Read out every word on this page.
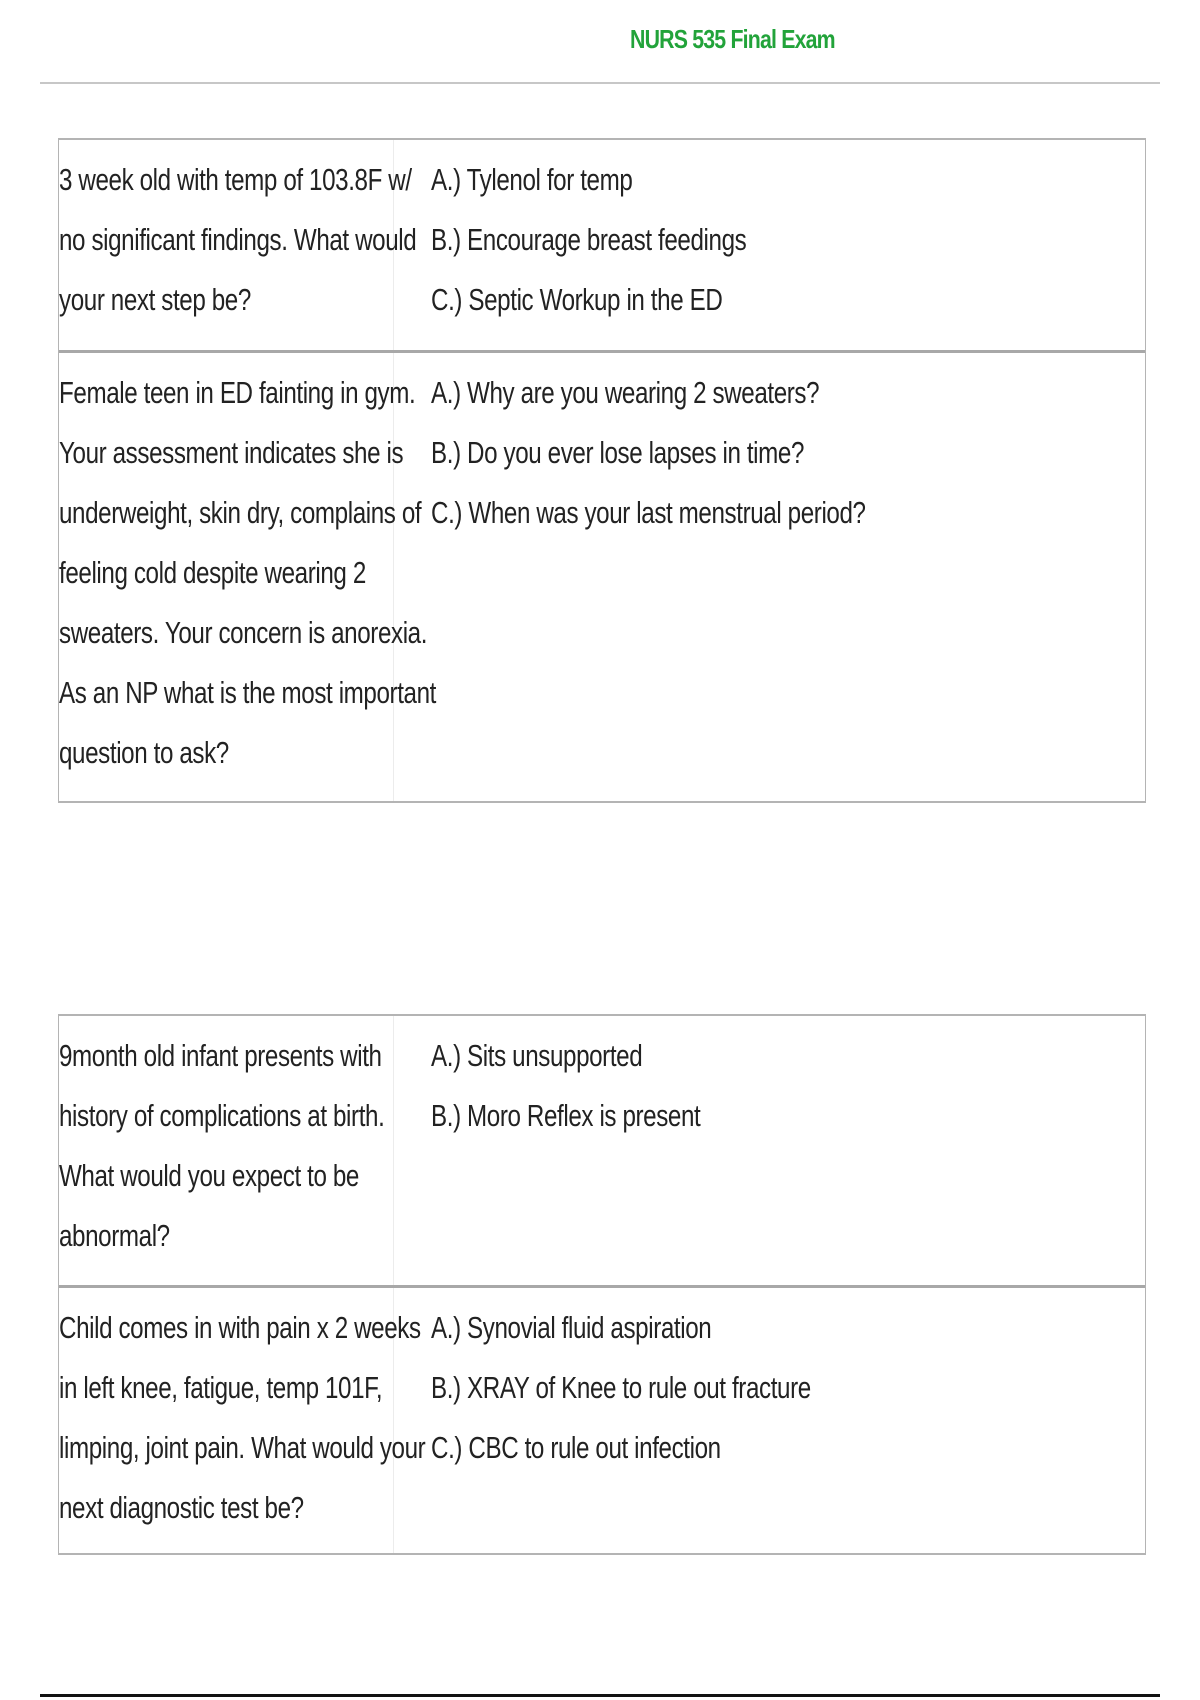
NURS 535 Final Exam
3 week old with temp of 103.8F w/
no significant findings. What would
your next step be?
A.) Tylenol for temp
B.) Encourage breast feedings
C.) Septic Workup in the ED
Female teen in ED fainting in gym.
Your assessment indicates she is
underweight, skin dry, complains of
feeling cold despite wearing 2
sweaters. Your concern is anorexia.
As an NP what is the most important
question to ask?
A.) Why are you wearing 2 sweaters?
B.) Do you ever lose lapses in time?
C.) When was your last menstrual period?
9month old infant presents with
history of complications at birth.
What would you expect to be
abnormal?
A.) Sits unsupported
B.) Moro Reflex is present
Child comes in with pain x 2 weeks
in left knee, fatigue, temp 101F,
limping, joint pain. What would your
next diagnostic test be?
A.) Synovial fluid aspiration
B.) XRAY of Knee to rule out fracture
C.) CBC to rule out infection
